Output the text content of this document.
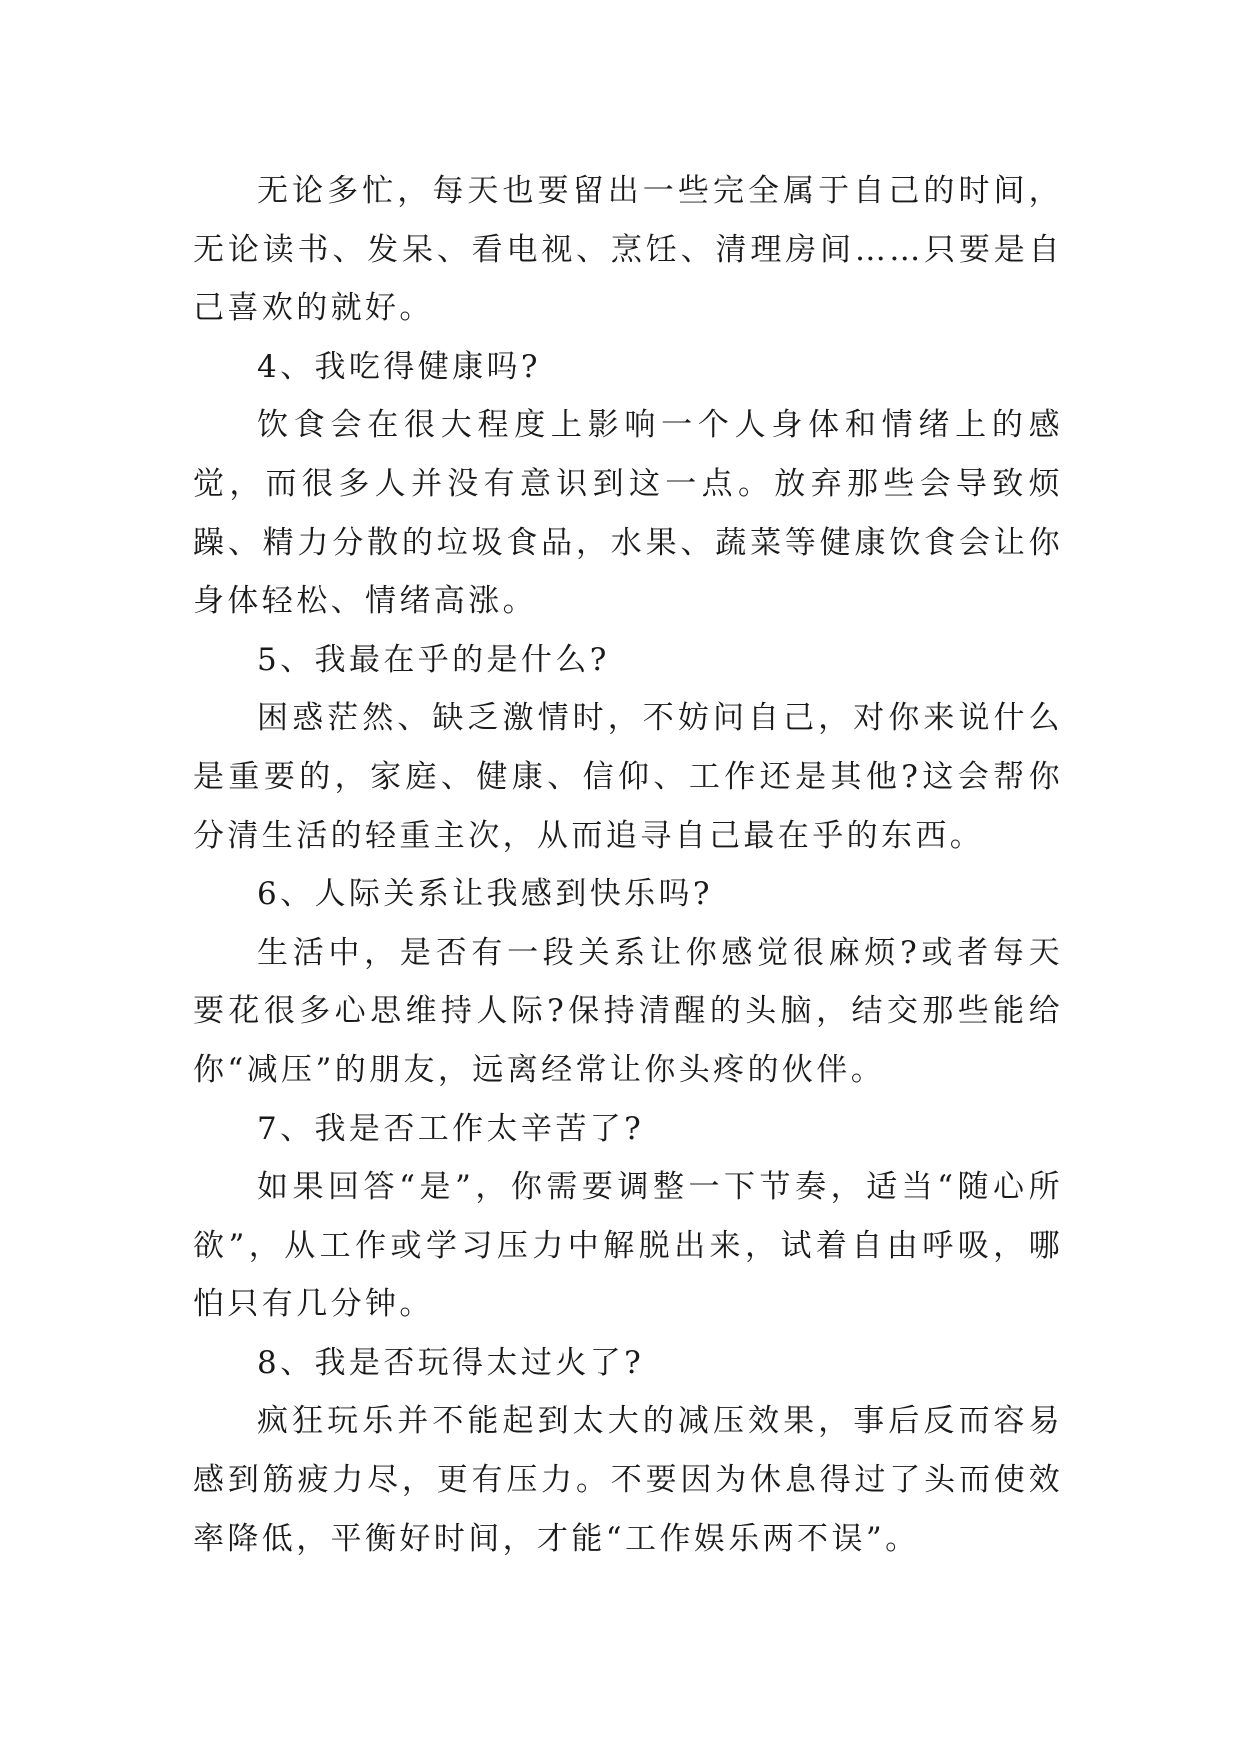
无论多忙，每天也要留出一些完全属于自己的时间，无论读书、发呆、看电视、烹饪、清理房间……只要是自己喜欢的就好。

4、我吃得健康吗?

饮食会在很大程度上影响一个人身体和情绪上的感觉，而很多人并没有意识到这一点。放弃那些会导致烦躁、精力分散的垃圾食品，水果、蔬菜等健康饮食会让你身体轻松、情绪高涨。

5、我最在乎的是什么?

困惑茫然、缺乏激情时，不妨问自己，对你来说什么是重要的，家庭、健康、信仰、工作还是其他?这会帮你分清生活的轻重主次，从而追寻自己最在乎的东西。

6、人际关系让我感到快乐吗?

生活中，是否有一段关系让你感觉很麻烦?或者每天要花很多心思维持人际?保持清醒的头脑，结交那些能给你“减压”的朋友，远离经常让你头疼的伙伴。

7、我是否工作太辛苦了?

如果回答“是”，你需要调整一下节奏，适当“随心所欲”，从工作或学习压力中解脱出来，试着自由呼吸，哪怕只有几分钟。

8、我是否玩得太过火了?

疯狂玩乐并不能起到太大的减压效果，事后反而容易感到筋疲力尽，更有压力。不要因为休息得过了头而使效率降低，平衡好时间，才能“工作娱乐两不误”。
